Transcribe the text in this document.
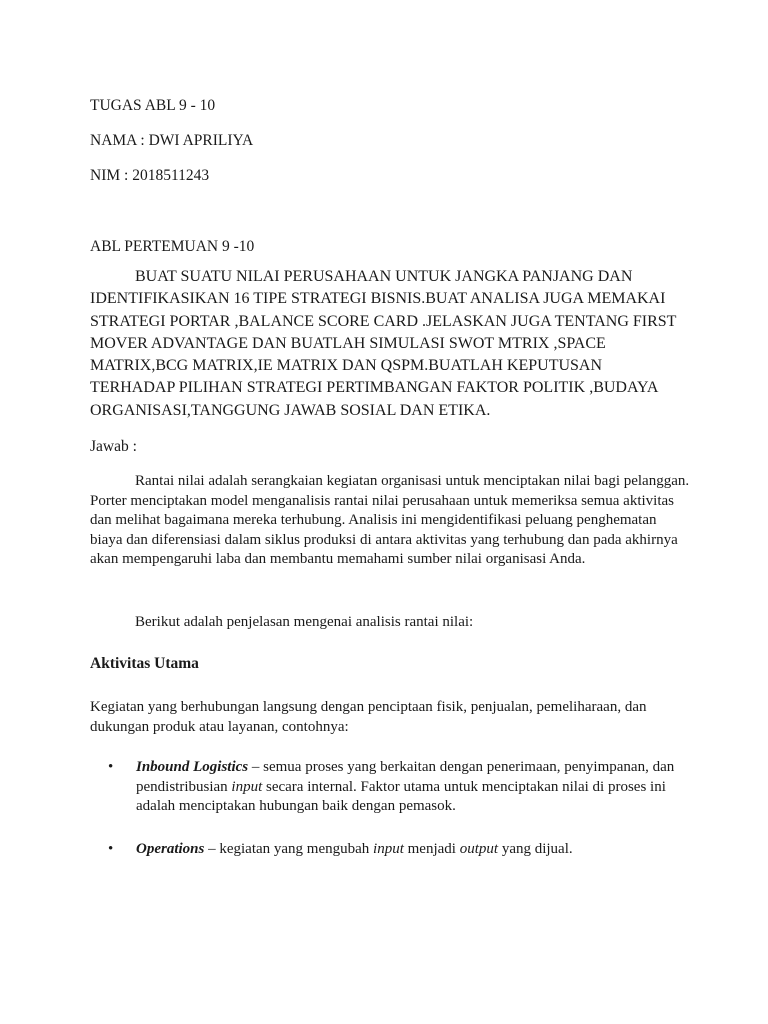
TUGAS ABL 9 - 10
NAMA : DWI APRILIYA
NIM : 2018511243
ABL PERTEMUAN 9 -10

BUAT SUATU NILAI PERUSAHAAN UNTUK JANGKA PANJANG DAN IDENTIFIKASIKAN 16 TIPE STRATEGI BISNIS.BUAT ANALISA JUGA MEMAKAI STRATEGI PORTAR ,BALANCE SCORE CARD .JELASKAN JUGA TENTANG FIRST MOVER ADVANTAGE DAN BUATLAH SIMULASI SWOT MTRIX ,SPACE MATRIX,BCG MATRIX,IE MATRIX DAN QSPM.BUATLAH KEPUTUSAN TERHADAP PILIHAN STRATEGI PERTIMBANGAN FAKTOR POLITIK ,BUDAYA ORGANISASI,TANGGUNG JAWAB SOSIAL DAN ETIKA.

Jawab :

Rantai nilai adalah serangkaian kegiatan organisasi untuk menciptakan nilai bagi pelanggan. Porter menciptakan model menganalisis rantai nilai perusahaan untuk memeriksa semua aktivitas dan melihat bagaimana mereka terhubung. Analisis ini mengidentifikasi peluang penghematan biaya dan diferensiasi dalam siklus produksi di antara aktivitas yang terhubung dan pada akhirnya akan mempengaruhi laba dan membantu memahami sumber nilai organisasi Anda.

Berikut adalah penjelasan mengenai analisis rantai nilai:

Aktivitas Utama

Kegiatan yang berhubungan langsung dengan penciptaan fisik, penjualan, pemeliharaan, dan dukungan produk atau layanan, contohnya:

• Inbound Logistics – semua proses yang berkaitan dengan penerimaan, penyimpanan, dan pendistribusian input secara internal. Faktor utama untuk menciptakan nilai di proses ini adalah menciptakan hubungan baik dengan pemasok.
• Operations – kegiatan yang mengubah input menjadi output yang dijual.
